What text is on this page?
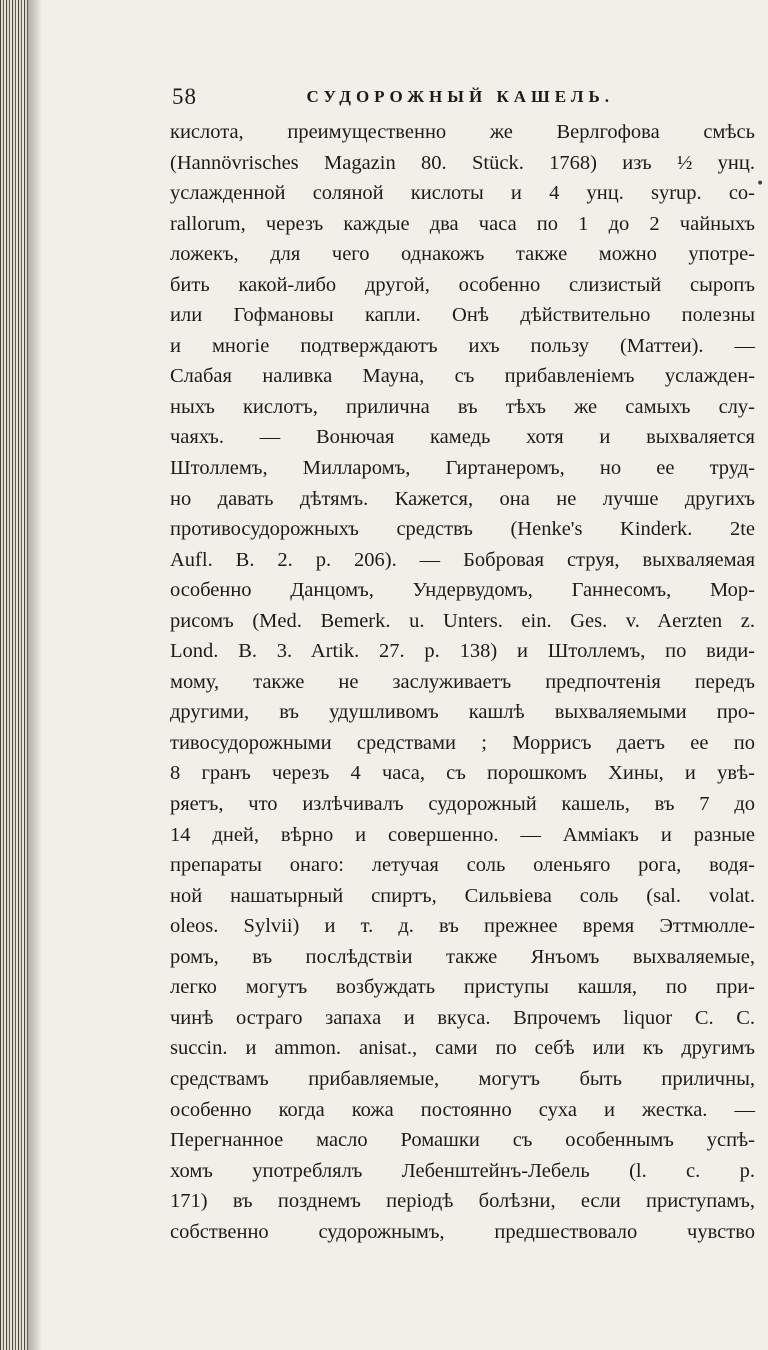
58	СУДОРОЖНЫЙ КАШЕЛЬ.
кислота, преимущественно же Верлгофова смѣсь
(Hannövrisches Magazin 80. Stück. 1768) изъ ½ унц.
услажденной соляной кислоты и 4 унц. syrup. co-
rallorum, черезъ каждые два часа по 1 до 2 чайныхъ
ложекъ, для чего однакожъ также можно употре-
бить какой-либо другой, особенно слизистый сыропъ
или Гофмановы капли. Онѣ дѣйствительно полезны
и многіе подтверждаютъ ихъ пользу (Маттеи). —
Слабая наливка Мауна, съ прибавленіемъ услажден-
ныхъ кислотъ, прилична въ тѣхъ же самыхъ слу-
чаяхъ. — Вонючая камедь хотя и выхваляется
Штоллемъ, Милларомъ, Гиртанеромъ, но ее труд-
но давать дѣтямъ. Кажется, она не лучше другихъ
противосудорожныхъ средствъ (Henke's Kinderk. 2te
Aufl. B. 2. p. 206). — Бобровая струя, выхваляемая
особенно Данцомъ, Ундервудомъ, Ганнесомъ, Мор-
рисомъ (Med. Bemerk. u. Unters. ein. Ges. v. Aerzten z.
Lond. B. 3. Artik. 27. p. 138) и Штоллемъ, по види-
мому, также не заслуживаетъ предпочтенія передъ
другими, въ удушливомъ кашлѣ выхваляемыми про-
тивосудорожными средствами ; Моррисъ даетъ ее по
8 гранъ черезъ 4 часа, съ порошкомъ Хины, и увѣ-
ряетъ, что излѣчивалъ судорожный кашель, въ 7 до
14 дней, вѣрно и совершенно. — Амміакъ и разные
препараты онаго: летучая соль оленьяго рога, водя-
ной нашатырный спиртъ, Сильвіева соль (sal. volat.
oleos. Sylvii) и т. д. въ прежнее время Эттмюлле-
ромъ, въ послѣдствіи также Янъомъ выхваляемые,
легко могутъ возбуждать приступы кашля, по при-
чинѣ остраго запаха и вкуса. Впрочемъ liquor C. C.
succin. и ammon. anisat., сами по себѣ или къ другимъ
средствамъ прибавляемые, могутъ быть приличны,
особенно когда кожа постоянно суха и жестка. —
Перегнанное масло Ромашки съ особеннымъ успѣ-
хомъ употреблялъ Лебенштейнъ-Лебель (l. c. p.
171) въ позднемъ періодѣ болѣзни, если приступамъ,
собственно судорожнымъ, предшествовало чувство
•
